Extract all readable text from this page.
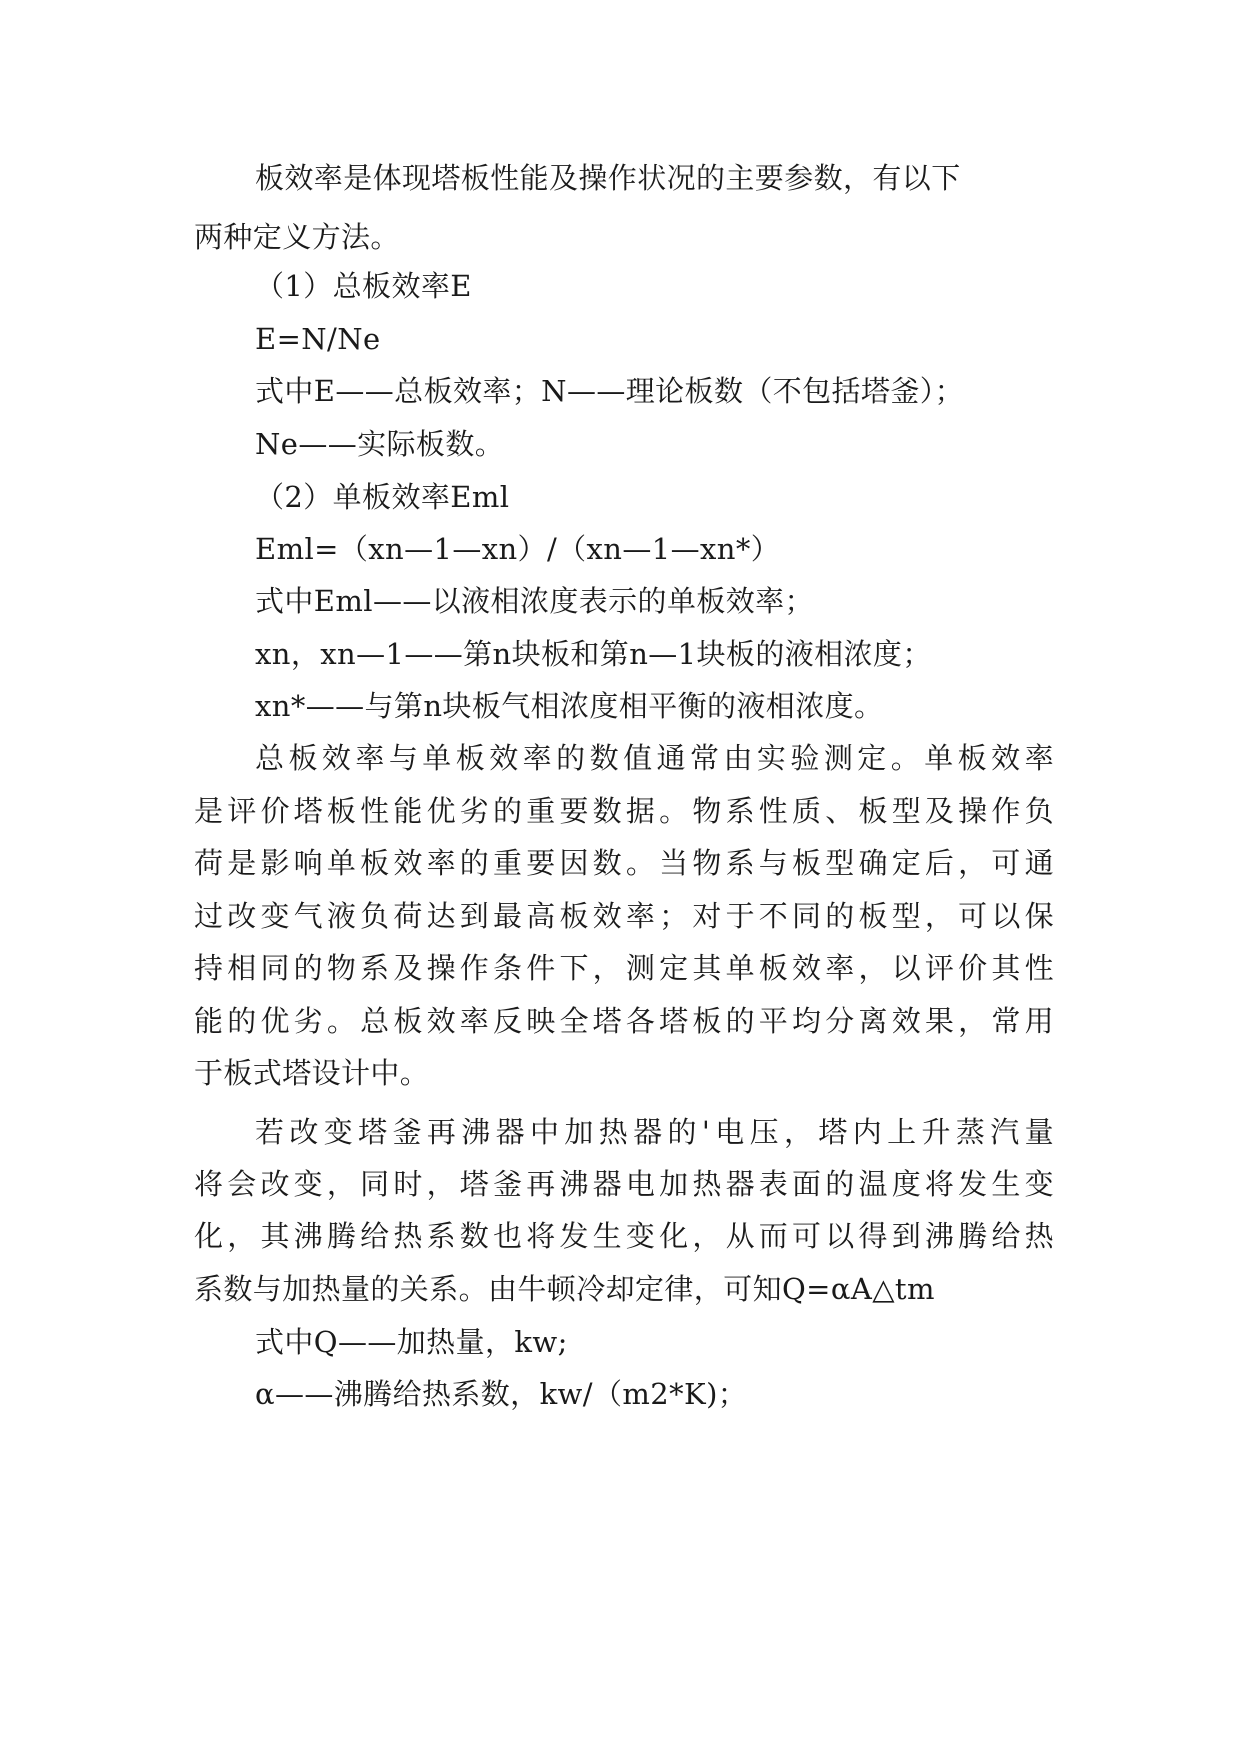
板效率是体现塔板性能及操作状况的主要参数，有以下

两种定义方法。

（1）总板效率E

E=N/Ne

式中E——总板效率；N——理论板数（不包括塔釜）；

Ne——实际板数。

（2）单板效率Eml

Eml=（xn—1—xn）/（xn—1—xn*）

式中Eml——以液相浓度表示的单板效率；

xn，xn—1——第n块板和第n—1块板的液相浓度；

xn*——与第n块板气相浓度相平衡的液相浓度。

总板效率与单板效率的数值通常由实验测定。单板效率

是评价塔板性能优劣的重要数据。物系性质、板型及操作负

荷是影响单板效率的重要因数。当物系与板型确定后，可通

过改变气液负荷达到最高板效率；对于不同的板型，可以保

持相同的物系及操作条件下，测定其单板效率，以评价其性

能的优劣。总板效率反映全塔各塔板的平均分离效果，常用

于板式塔设计中。

若改变塔釜再沸器中加热器的'电压，塔内上升蒸汽量

将会改变，同时，塔釜再沸器电加热器表面的温度将发生变

化，其沸腾给热系数也将发生变化，从而可以得到沸腾给热

系数与加热量的关系。由牛顿冷却定律，可知Q=αA△tm

式中Q——加热量，kw;

α——沸腾给热系数，kw/（m2*K)；
